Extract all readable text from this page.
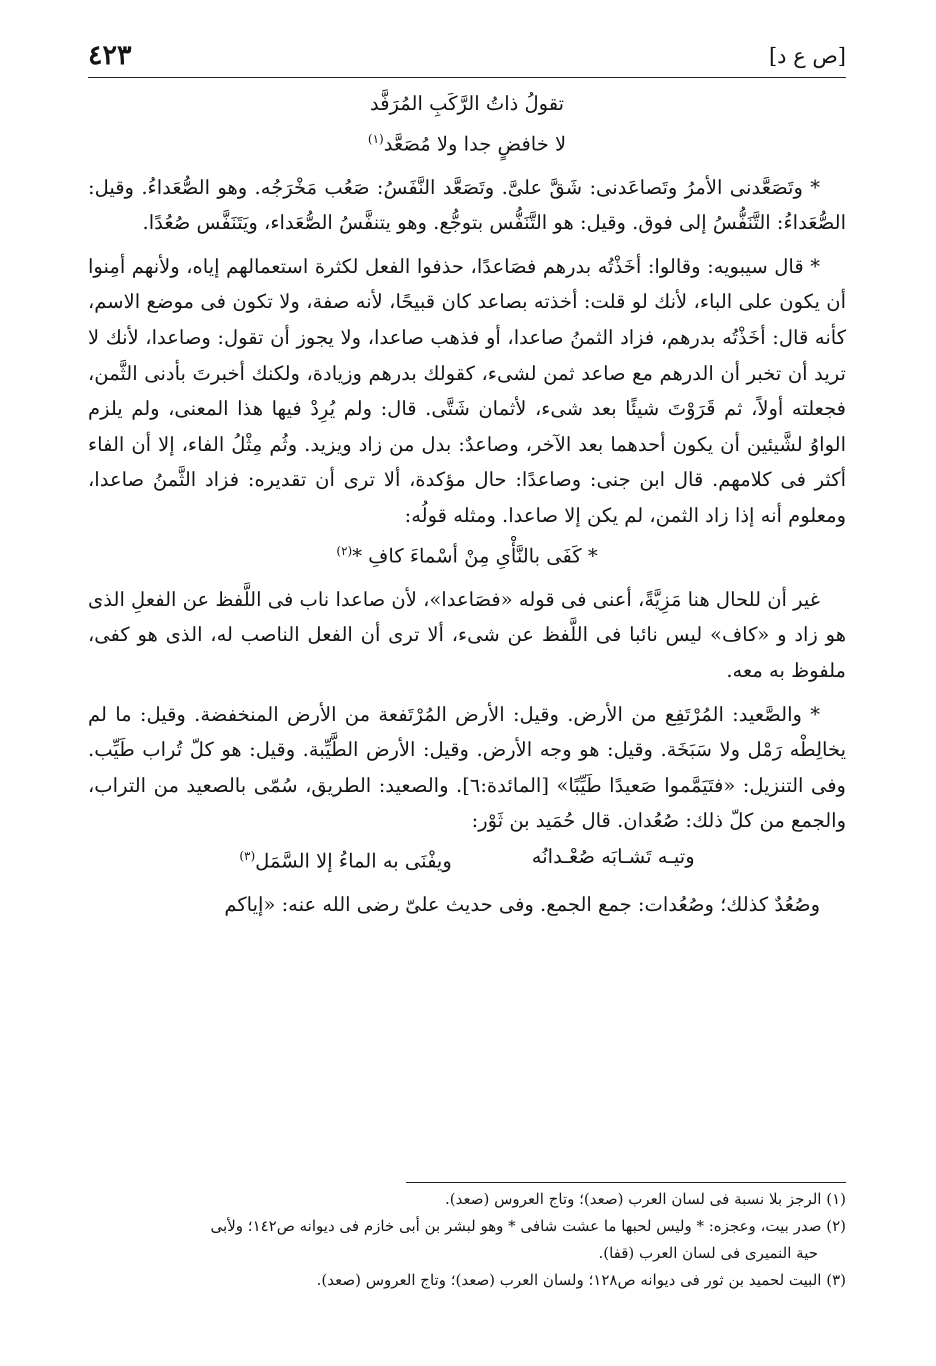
٤٢٣	[ص ع د]
تقولُ ذاتُ الرَّكَبِ المُرَفَّد
لا خافضٍ جدا ولا مُصَعَّد$^{(١)}$
* وتَصَعَّدنى الأمرُ وتَصاعَدنى: شَقَّ علىَّ. وتَصَعَّد النَّفَسُ: صَعُب مَخْرَجُه. وهو الصُّعَداءُ. وقيل: الصُّعَداءُ: التَّنَفُّسُ إلى فوق. وقيل: هو التَّنَفُّس بتوجُّع. وهو يتنفَّسُ الصُّعَداء، ويَتَنَفَّس صُعُدًا.
* قال سيبويه: وقالوا: أخَذْتُه بدرهم فصَاعدًا، حذفوا الفعل لكثرة استعمالهم إياه، ولأنهم أمِنوا أن يكون على الباء، لأنك لو قلت: أخذته بصاعد كان قبيحًا، لأنه صفة، ولا تكون فى موضع الاسم، كأنه قال: أخَذْتُه بدرهم، فزاد الثمنُ صاعدا، أو فذهب صاعدا، ولا يجوز أن تقول: وصاعدا، لأنك لا تريد أن تخبر أن الدرهم مع صاعد ثمن لشىء، كقولك بدرهم وزيادة، ولكنك أخبرتَ بأدنى الثَّمن، فجعلته أولاً، ثم قَرَوْتَ شيئًا بعد شىء، لأثمان شَتَّى. قال: ولم يُرِدْ فيها هذا المعنى، ولم يلزم الواوُ لشَّيئين أن يكون أحدهما بعد الآخر، وصاعدٌ: بدل من زاد ويزيد. وثُم مِثْلُ الفاء، إلا أن الفاء أكثر فى كلامهم. قال ابن جنى: وصاعدًا: حال مؤكدة، ألا ترى أن تقديره: فزاد الثَّمنُ صاعدا، ومعلوم أنه إذا زاد الثمن، لم يكن إلا صاعدا. ومثله قولُه:
* كَفَى بالنَّأْىِ مِنْ أسْماءَ كافِ *$^{(٢)}$
غير أن للحال هنا مَزِيَّةً، أعنى فى قوله «فصَاعدا»، لأن صاعدا ناب فى اللَّفظ عن الفعلِ الذى هو زاد و «كاف» ليس نائبا فى اللَّفظ عن شىء، ألا ترى أن الفعل الناصب له، الذى هو كفى، ملفوظ به معه.
* والصَّعيد: المُرْتَفِع من الأرض. وقيل: الأرض المُرْتَفعة من الأرض المنخفضة. وقيل: ما لم يخالِطْه رَمْل ولا سَبَخَة. وقيل: هو وجه الأرض. وقيل: الأرض الطَّيِّبة. وقيل: هو كلّ تُراب طَيِّب. وفى التنزيل: «فتَيَمَّموا صَعيدًا طَيِّبًا» [المائدة:٦]. والصعيد: الطريق، سُمّى بالصعيد من التراب، والجمع من كلّ ذلك: صُعُدان. قال حُمَيد بن ثَوْر:
وتيـه تَشـابَه صُعْـدانُه
ويفْنَى به الماءُ إلا السَّمَل$^{(٣)}$
وصُعُدٌ كذلك؛ وصُعُدات: جمع الجمع. وفى حديث علىّ رضى الله عنه: «إياكم
(١) الرجز بلا نسبة فى لسان العرب (صعد)؛ وتاج العروس (صعد).
(٢) صدر بيت، وعجزه: * وليس لحبها ما عشت شافى * وهو لبشر بن أبى خازم فى ديوانه ص١٤٢؛ ولأبى
حية النميرى فى لسان العرب (قفا).
(٣) البيت لحميد بن ثور فى ديوانه ص١٢٨؛ ولسان العرب (صعد)؛ وتاج العروس (صعد).
